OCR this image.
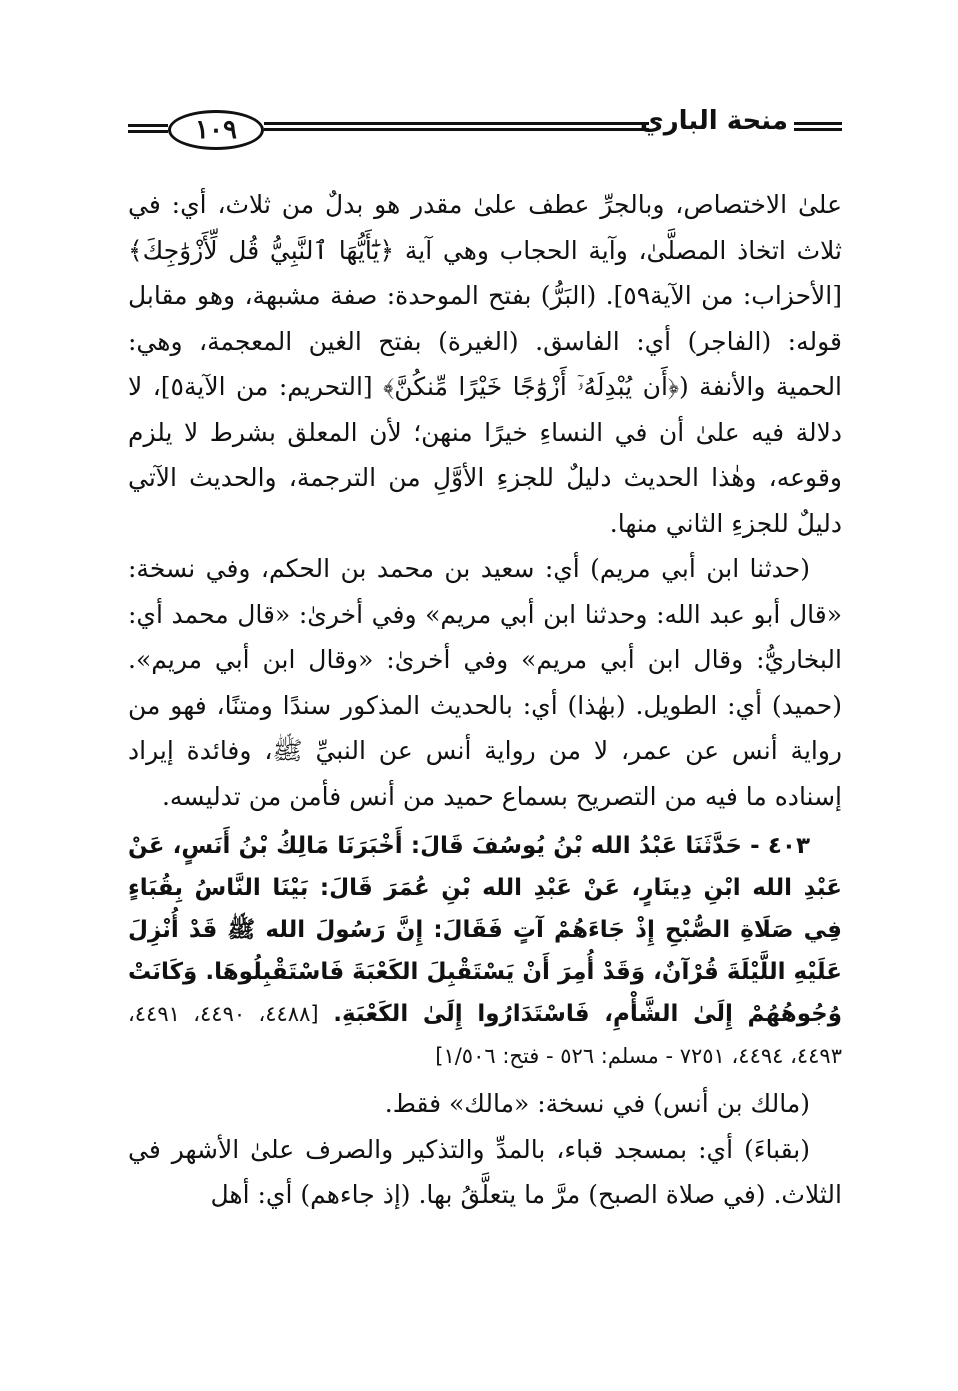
١٠٩	منحة الباري

علىٰ الاختصاص، وبالجرِّ عطف علىٰ مقدر هو بدلٌ من ثلاث، أي: في ثلاث اتخاذ المصلَّىٰ، وآية الحجاب وهي آية ﴿يَٰٓأَيُّهَا ٱلنَّبِيُّ قُل لِّأَزْوَٰجِكَ﴾ [الأحزاب: من الآية٥٩]. (البَرُّ) بفتح الموحدة: صفة مشبهة، وهو مقابل قوله: (الفاجر) أي: الفاسق. (الغيرة) بفتح الغين المعجمة، وهي: الحمية والأنفة (﴿أَن يُبْدِلَهُۥٓ أَزْوَٰجًا خَيْرًا مِّنكُنَّ﴾ [التحريم: من الآية٥]، لا دلالة فيه علىٰ أن في النساءِ خيرًا منهن؛ لأن المعلق بشرط لا يلزم وقوعه، وهٰذا الحديث دليلٌ للجزءِ الأوَّلِ من الترجمة، والحديث الآتي دليلٌ للجزءِ الثاني منها.

(حدثنا ابن أبي مريم) أي: سعيد بن محمد بن الحكم، وفي نسخة: «قال أبو عبد الله: وحدثنا ابن أبي مريم» وفي أخرىٰ: «قال محمد أي: البخاريُّ: وقال ابن أبي مريم» وفي أخرىٰ: «وقال ابن أبي مريم». (حميد) أي: الطويل. (بهٰذا) أي: بالحديث المذكور سندًا ومتنًا، فهو من رواية أنس عن عمر، لا من رواية أنس عن النبيِّ ﷺ، وفائدة إيراد إسناده ما فيه من التصريح بسماع حميد من أنس فأمن من تدليسه.

٤٠٣ - حَدَّثَنَا عَبْدُ الله بْنُ يُوسُفَ قَالَ: أَخْبَرَنَا مَالِكُ بْنُ أَنَسٍ، عَنْ عَبْدِ الله ابْنِ دِينَارٍ، عَنْ عَبْدِ الله بْنِ عُمَرَ قَالَ: بَيْنَا النَّاسُ بِقُبَاءٍ فِي صَلَاةِ الصُّبْحِ إِذْ جَاءَهُمْ آتٍ فَقَالَ: إِنَّ رَسُولَ الله ﷺ قَدْ أُنْزِلَ عَلَيْهِ اللَّيْلَةَ قُرْآنٌ، وَقَدْ أُمِرَ أَنْ يَسْتَقْبِلَ الكَعْبَةَ فَاسْتَقْبِلُوهَا. وَكَانَتْ وُجُوهُهُمْ إِلَىٰ الشَّأْمِ، فَاسْتَدَارُوا إِلَىٰ الكَعْبَةِ. [٤٤٨٨، ٤٤٩٠، ٤٤٩١، ٤٤٩٣، ٤٤٩٤، ٧٢٥١ - مسلم: ٥٢٦ - فتح: ١/٥٠٦]

(مالك بن أنس) في نسخة: «مالك» فقط.

(بقباءَ) أي: بمسجد قباء، بالمدِّ والتذكير والصرف علىٰ الأشهر في الثلاث. (في صلاة الصبح) مرَّ ما يتعلَّقُ بها. (إذ جاءهم) أي: أهل
